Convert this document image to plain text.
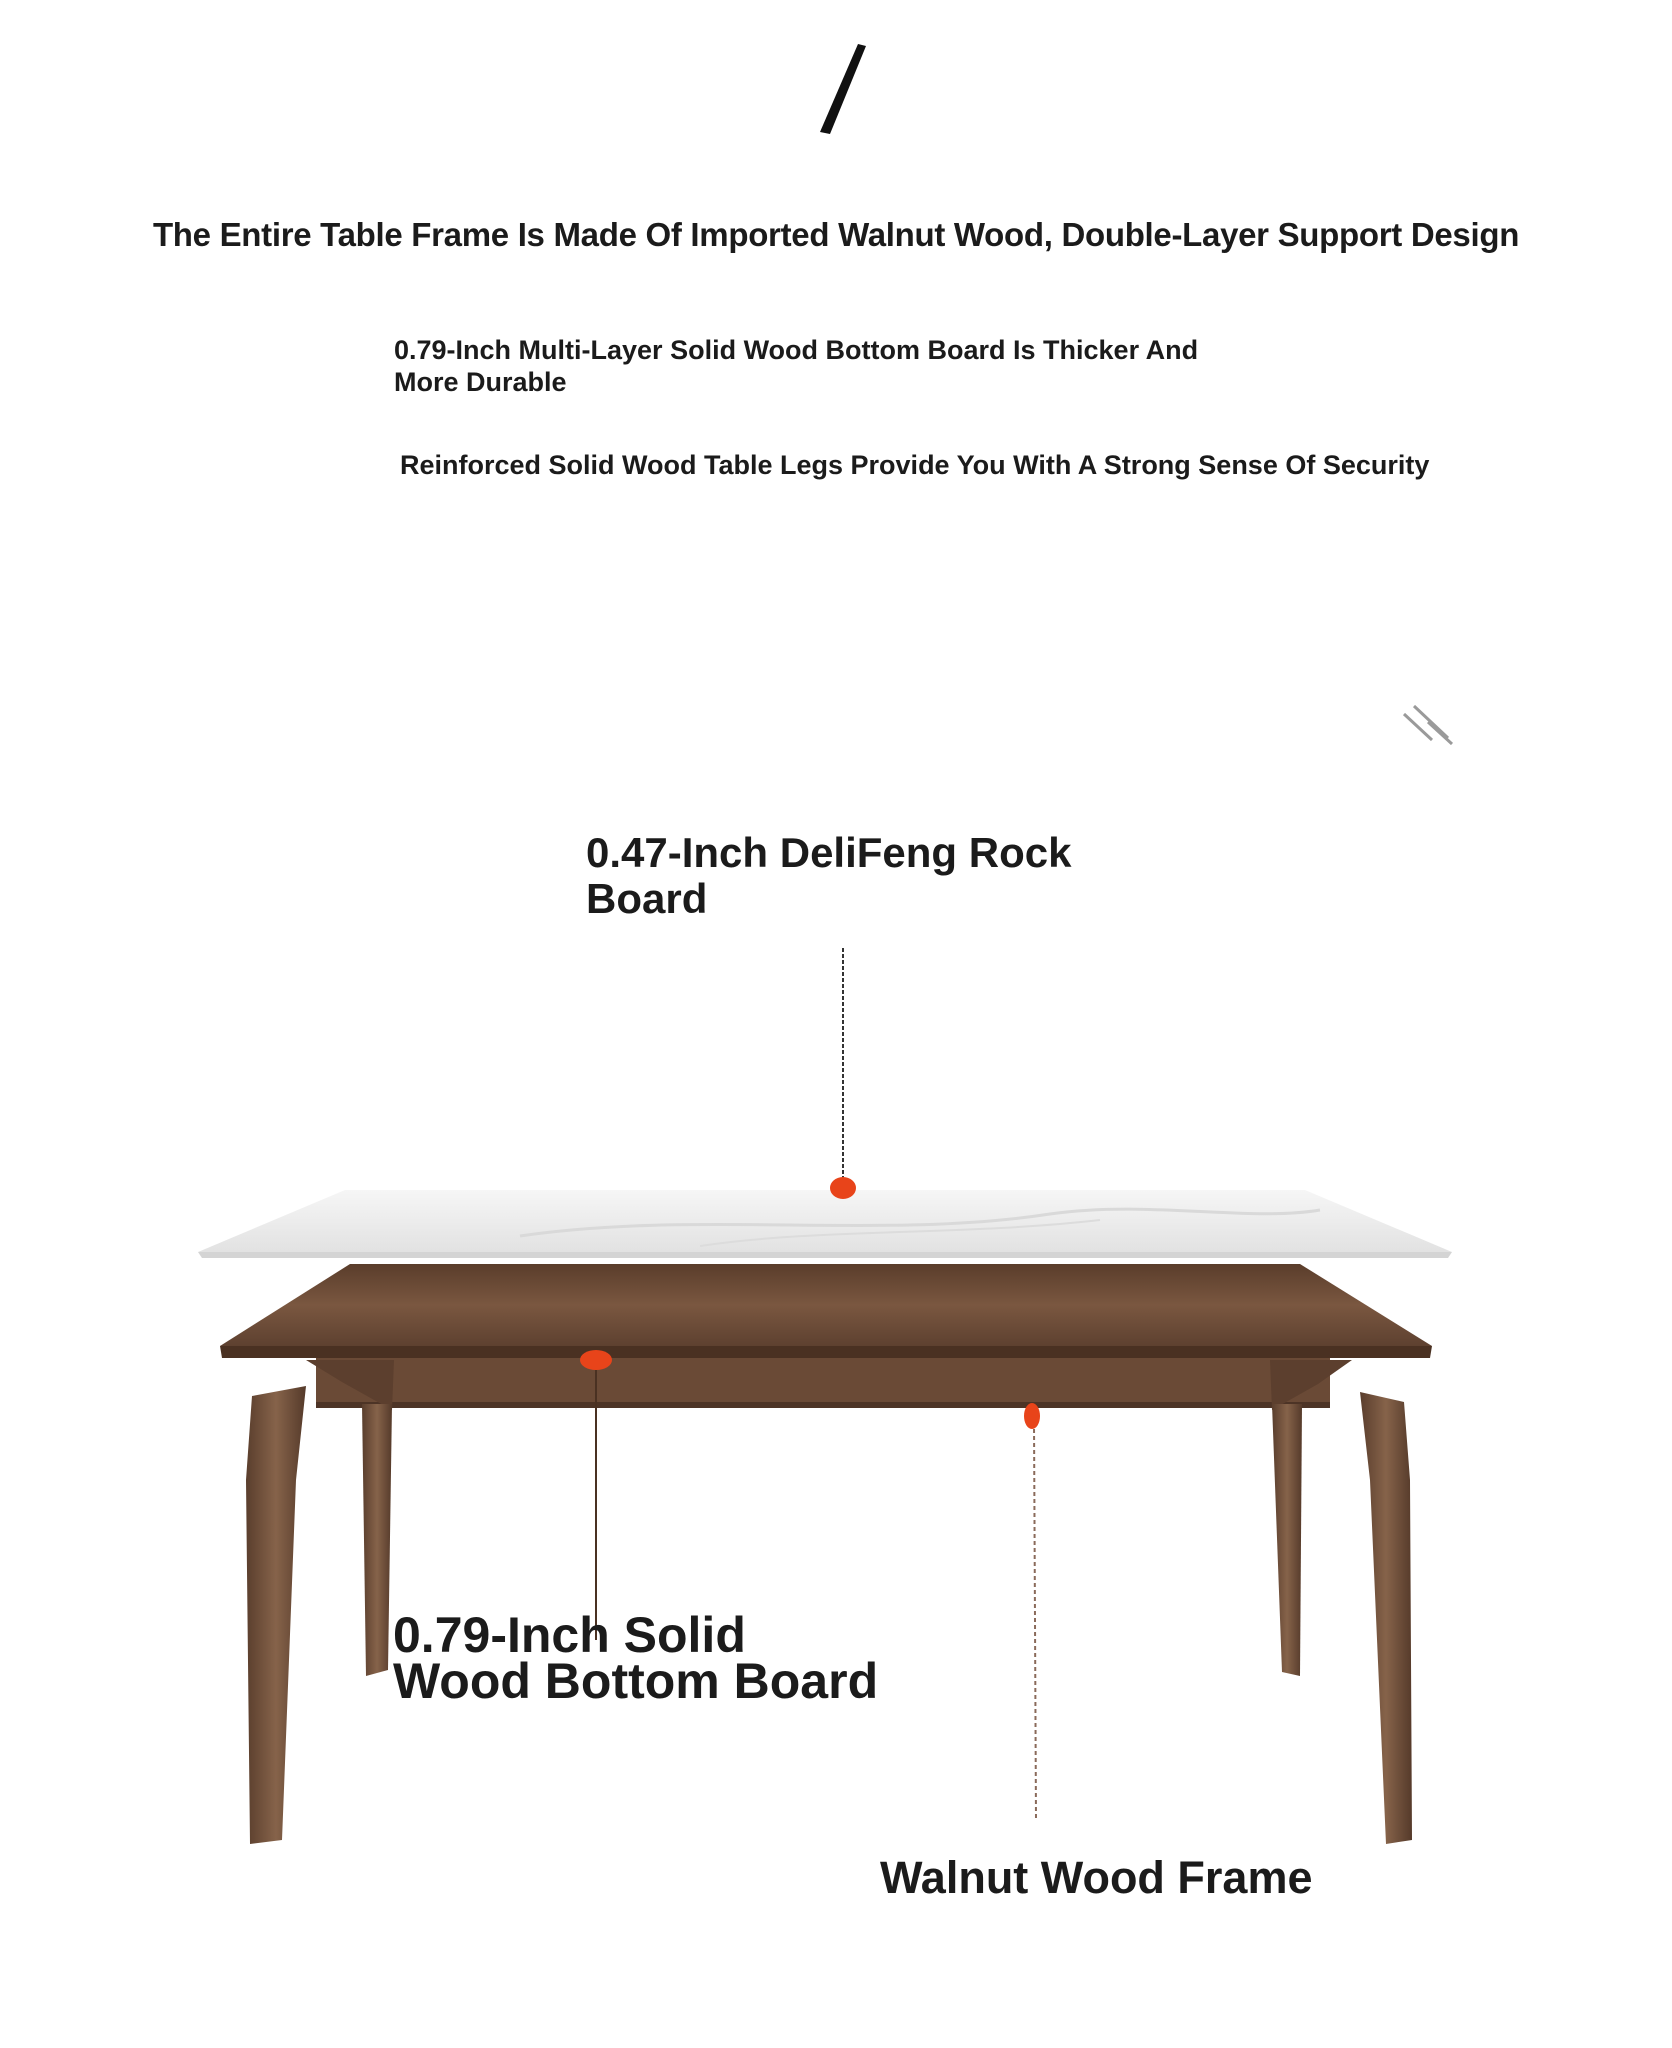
The Entire Table Frame Is Made Of Imported Walnut Wood, Double-Layer Support Design
0.79-Inch Multi-Layer Solid Wood Bottom Board Is Thicker And
More Durable
Reinforced Solid Wood Table Legs Provide You With A Strong Sense Of Security
0.47-Inch DeliFeng Rock
Board
0.79-Inch Solid
Wood Bottom Board
Walnut Wood Frame
